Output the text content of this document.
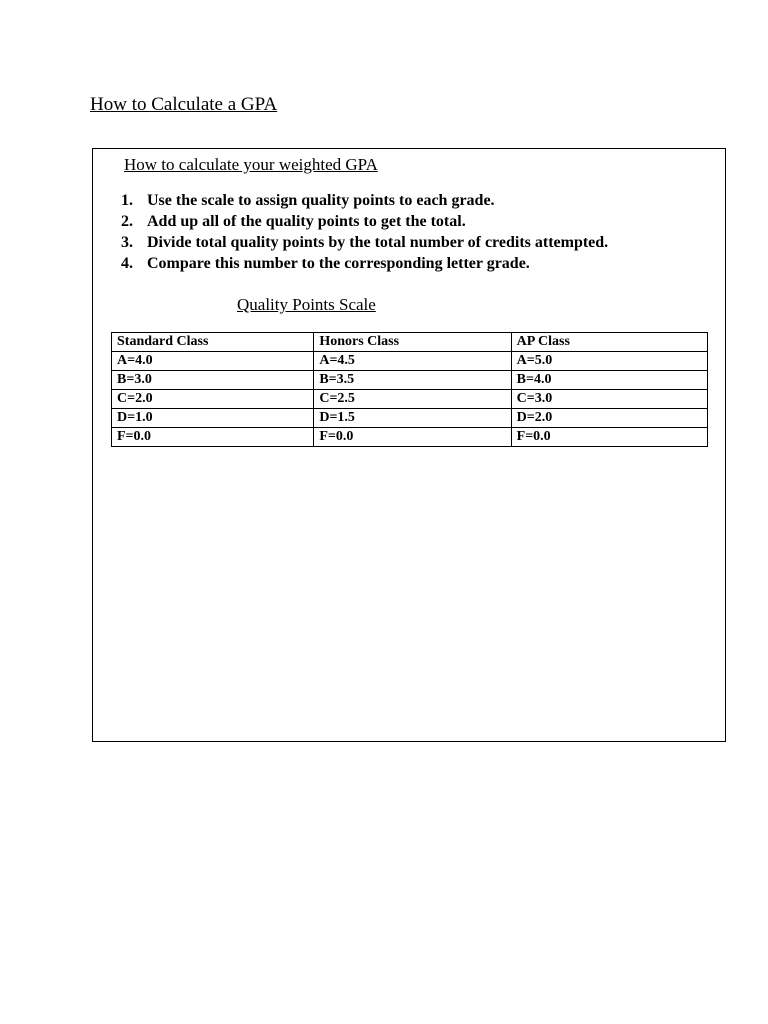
How to Calculate a GPA
How to calculate your weighted GPA
1. Use the scale to assign quality points to each grade.
2. Add up all of the quality points to get the total.
3. Divide total quality points by the total number of credits attempted.
4. Compare this number to the corresponding letter grade.
Quality Points Scale
Standard Class	Honors Class	AP Class
A=4.0	A=4.5	A=5.0
B=3.0	B=3.5	B=4.0
C=2.0	C=2.5	C=3.0
D=1.0	D=1.5	D=2.0
F=0.0	F=0.0	F=0.0
